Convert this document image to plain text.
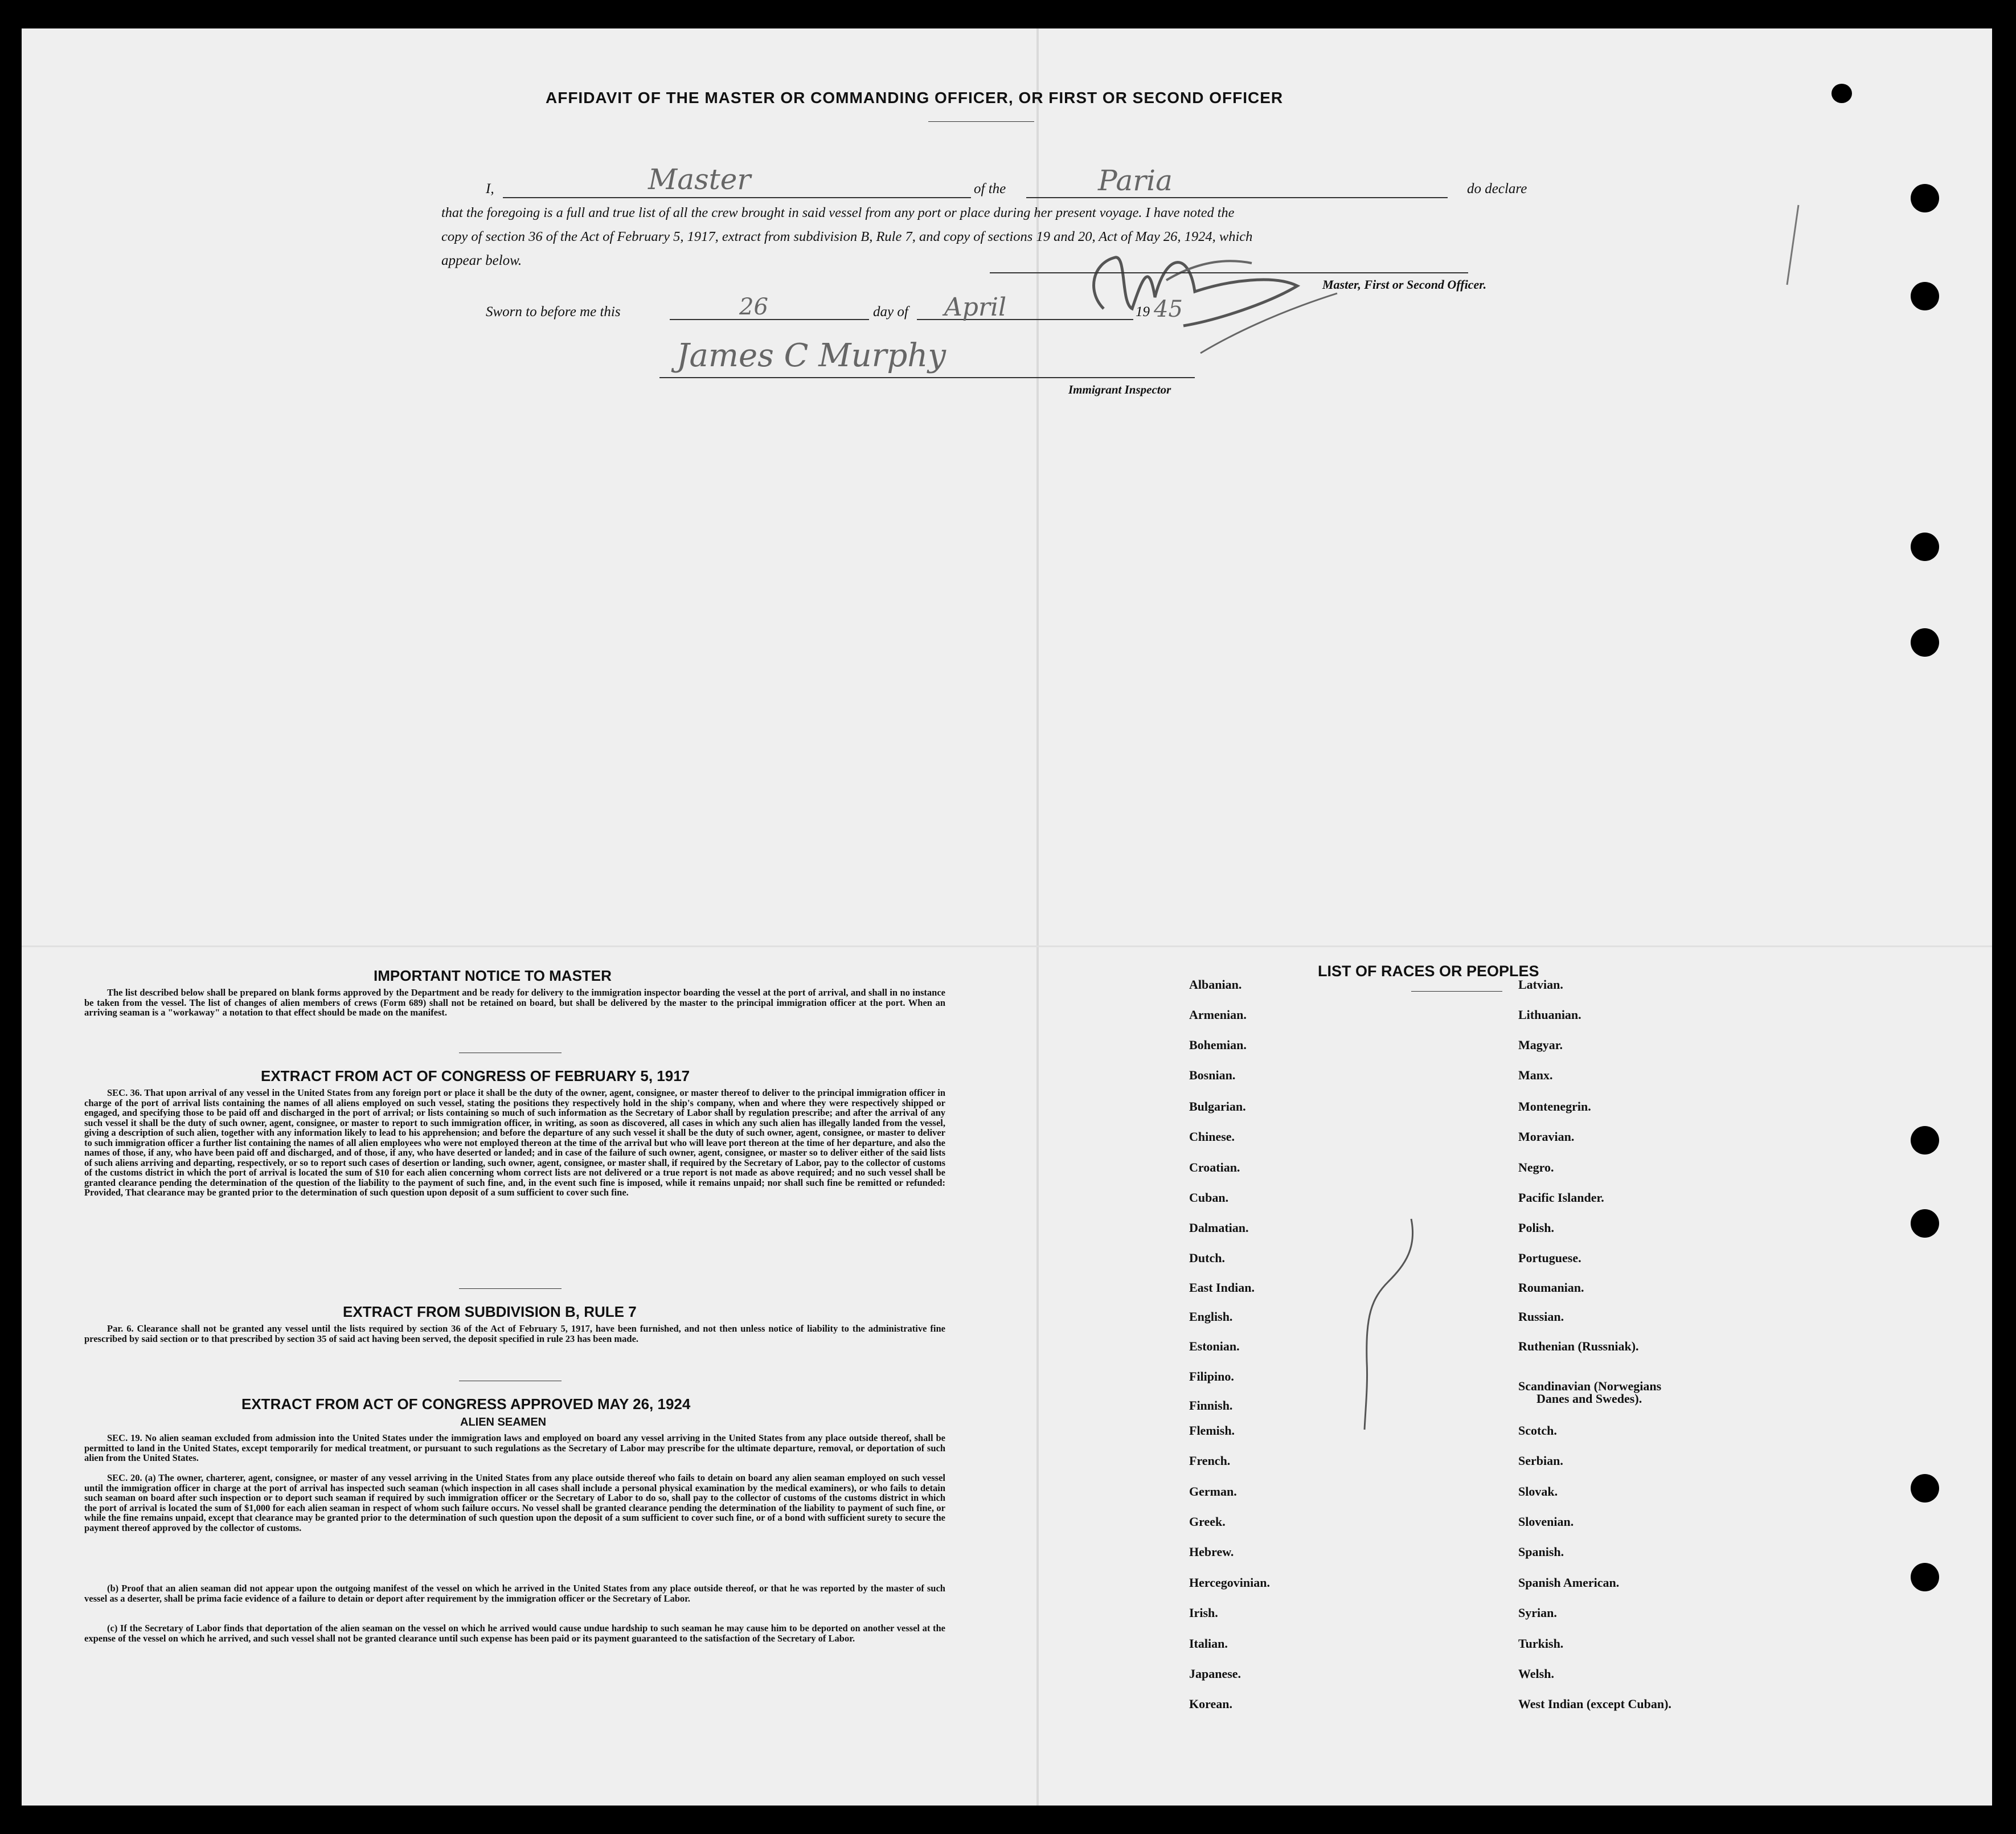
AFFIDAVIT OF THE MASTER OR COMMANDING OFFICER, OR FIRST OR SECOND OFFICER
I,	Master	of the	Paria	do declare
that the foregoing is a full and true list of all the crew brought in said vessel from any port or place during her present voyage. I have noted the
copy of section 36 of the Act of February 5, 1917, extract from subdivision B, Rule 7, and copy of sections 19 and 20, Act of May 26, 1924, which
appear below.
Master, First or Second Officer.
Sworn to before me this	26	day of April	19 45
James C Murphy
Immigrant Inspector
IMPORTANT NOTICE TO MASTER
The list described below shall be prepared on blank forms approved by the Department and be ready for delivery to the immigration inspector boarding the vessel at the port of arrival, and shall in no instance be taken from the vessel. The list of changes of alien members of crews (Form 689) shall not be retained on board, but shall be delivered by the master to the principal immigration officer at the port. When an arriving seaman is a "workaway" a notation to that effect should be made on the manifest.
EXTRACT FROM ACT OF CONGRESS OF FEBRUARY 5, 1917
SEC. 36. That upon arrival of any vessel in the United States from any foreign port or place it shall be the duty of the owner, agent, consignee, or master thereof to deliver to the principal immigration officer in charge of the port of arrival lists containing the names of all aliens employed on such vessel, stating the positions they respectively hold in the ship's company, when and where they were respectively shipped or engaged, and specifying those to be paid off and discharged in the port of arrival; or lists containing so much of such information as the Secretary of Labor shall by regulation prescribe; and after the arrival of any such vessel it shall be the duty of such owner, agent, consignee, or master to report to such immigration officer, in writing, as soon as discovered, all cases in which any such alien has illegally landed from the vessel, giving a description of such alien, together with any information likely to lead to his apprehension; and before the departure of any such vessel it shall be the duty of such owner, agent, consignee, or master to deliver to such immigration officer a further list containing the names of all alien employees who were not employed thereon at the time of the arrival but who will leave port thereon at the time of her departure, and also the names of those, if any, who have been paid off and discharged, and of those, if any, who have deserted or landed; and in case of the failure of such owner, agent, consignee, or master so to deliver either of the said lists of such aliens arriving and departing, respectively, or so to report such cases of desertion or landing, such owner, agent, consignee, or master shall, if required by the Secretary of Labor, pay to the collector of customs of the customs district in which the port of arrival is located the sum of $10 for each alien concerning whom correct lists are not delivered or a true report is not made as above required; and no such vessel shall be granted clearance pending the determination of the question of the liability to the payment of such fine, and, in the event such fine is imposed, while it remains unpaid; nor shall such fine be remitted or refunded: Provided, That clearance may be granted prior to the determination of such question upon deposit of a sum sufficient to cover such fine.
EXTRACT FROM SUBDIVISION B, RULE 7
Par. 6. Clearance shall not be granted any vessel until the lists required by section 36 of the Act of February 5, 1917, have been furnished, and not then unless notice of liability to the administrative fine prescribed by said section or to that prescribed by section 35 of said act having been served, the deposit specified in rule 23 has been made.
EXTRACT FROM ACT OF CONGRESS APPROVED MAY 26, 1924
ALIEN SEAMEN
SEC. 19. No alien seaman excluded from admission into the United States under the immigration laws and employed on board any vessel arriving in the United States from any place outside thereof, shall be permitted to land in the United States, except temporarily for medical treatment, or pursuant to such regulations as the Secretary of Labor may prescribe for the ultimate departure, removal, or deportation of such alien from the United States.
SEC. 20. (a) The owner, charterer, agent, consignee, or master of any vessel arriving in the United States from any place outside thereof who fails to detain on board any alien seaman employed on such vessel until the immigration officer in charge at the port of arrival has inspected such seaman (which inspection in all cases shall include a personal physical examination by the medical examiners), or who fails to detain such seaman on board after such inspection or to deport such seaman if required by such immigration officer or the Secretary of Labor to do so, shall pay to the collector of customs of the customs district in which the port of arrival is located the sum of $1,000 for each alien seaman in respect of whom such failure occurs. No vessel shall be granted clearance pending the determination of the liability to payment of such fine, or while the fine remains unpaid, except that clearance may be granted prior to the determination of such question upon the deposit of a sum sufficient to cover such fine, or of a bond with sufficient surety to secure the payment thereof approved by the collector of customs.
(b) Proof that an alien seaman did not appear upon the outgoing manifest of the vessel on which he arrived in the United States from any place outside thereof, or that he was reported by the master of such vessel as a deserter, shall be prima facie evidence of a failure to detain or deport after requirement by the immigration officer or the Secretary of Labor.
(c) If the Secretary of Labor finds that deportation of the alien seaman on the vessel on which he arrived would cause undue hardship to such seaman he may cause him to be deported on another vessel at the expense of the vessel on which he arrived, and such vessel shall not be granted clearance until such expense has been paid or its payment guaranteed to the satisfaction of the Secretary of Labor.
LIST OF RACES OR PEOPLES
Albanian.
Armenian.
Bohemian.
Bosnian.
Bulgarian.
Chinese.
Croatian.
Cuban.
Dalmatian.
Dutch.
East Indian.
English.
Estonian.
Filipino.
Finnish.
Flemish.
French.
German.
Greek.
Hebrew.
Hercegovinian.
Irish.
Italian.
Japanese.
Korean.
Latvian.
Lithuanian.
Magyar.
Manx.
Montenegrin.
Moravian.
Negro.
Pacific Islander.
Polish.
Portuguese.
Roumanian.
Russian.
Ruthenian (Russniak).
Scandinavian (Norwegians
Danes and Swedes).
Scotch.
Serbian.
Slovak.
Slovenian.
Spanish.
Spanish American.
Syrian.
Turkish.
Welsh.
West Indian (except Cuban).
